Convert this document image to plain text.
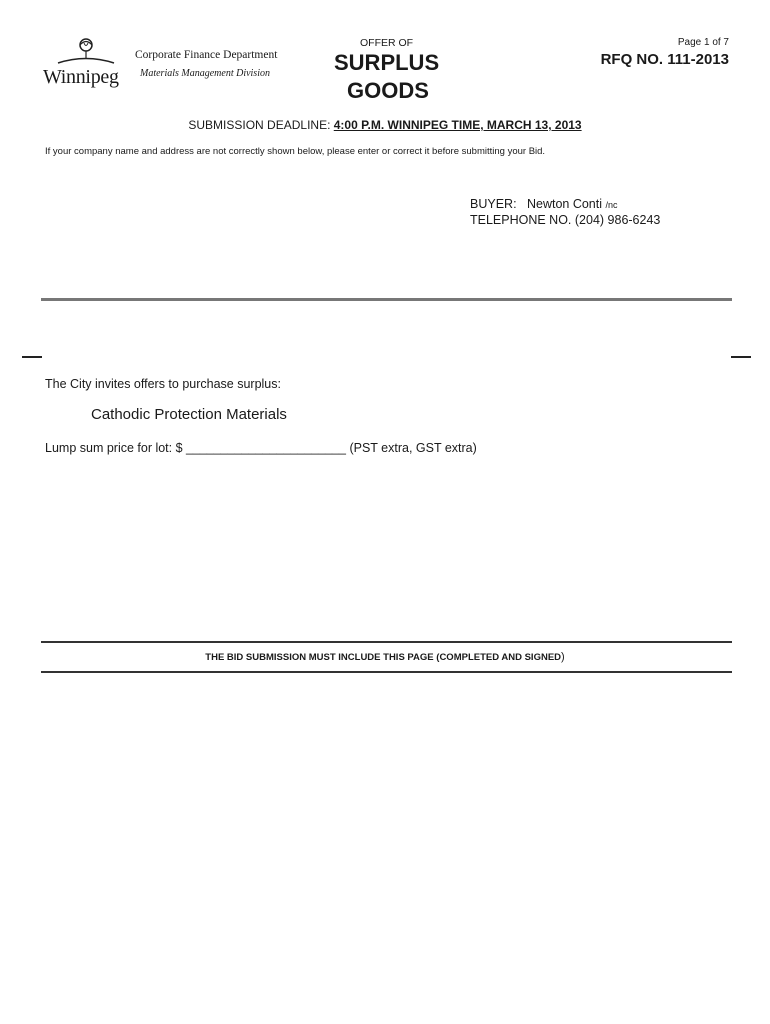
Winnipeg
Corporate Finance Department
Materials Management Division
OFFER OF
SURPLUS
GOODS
Page 1 of 7
RFQ NO. 111-2013
SUBMISSION DEADLINE: 4:00 P.M. WINNIPEG TIME, MARCH 13, 2013
If your company name and address are not correctly shown below, please enter or correct it before submitting your Bid.
BUYER: Newton Conti /nc
TELEPHONE NO. (204) 986-6243
The City invites offers to purchase surplus:
Cathodic Protection Materials
Lump sum price for lot: $ _______________________ (PST extra, GST extra)
THE BID SUBMISSION MUST INCLUDE THIS PAGE (COMPLETED AND SIGNED)
